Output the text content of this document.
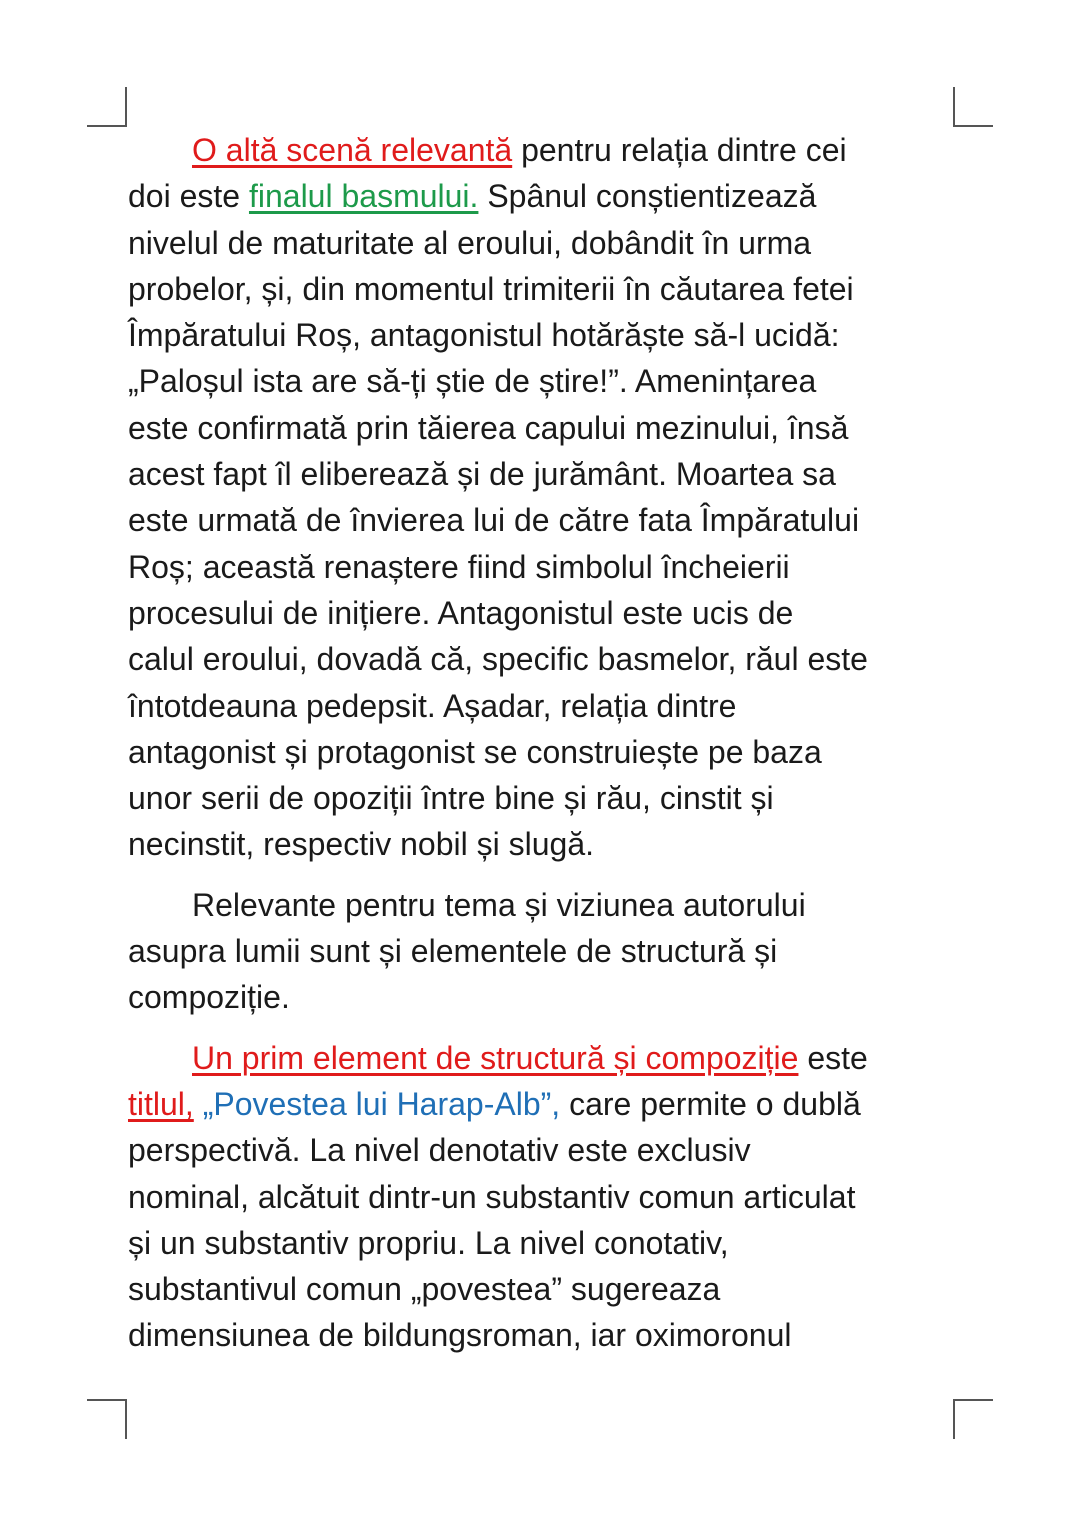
O altă scenă relevantă pentru relația dintre cei
doi este finalul basmului. Spânul conștientizează
nivelul de maturitate al eroului, dobândit în urma
probelor, și, din momentul trimiterii în căutarea fetei
Împăratului Roș, antagonistul hotărăște să-l ucidă:
„Paloșul ista are să-ți știe de știre!”. Amenințarea
este confirmată prin tăierea capului mezinului, însă
acest fapt îl eliberează și de jurământ. Moartea sa
este urmată de învierea lui de către fata Împăratului
Roș; această renaștere fiind simbolul încheierii
procesului de inițiere. Antagonistul este ucis de
calul eroului, dovadă că, specific basmelor, răul este
întotdeauna pedepsit. Așadar, relația dintre
antagonist și protagonist se construiește pe baza
unor serii de opoziții între bine și rău, cinstit și
necinstit, respectiv nobil și slugă.

Relevante pentru tema și viziunea autorului
asupra lumii sunt și elementele de structură și
compoziție.

Un prim element de structură și compoziție este
titlul, „Povestea lui Harap-Alb”, care permite o dublă
perspectivă. La nivel denotativ este exclusiv
nominal, alcătuit dintr-un substantiv comun articulat
și un substantiv propriu. La nivel conotativ,
substantivul comun „povestea” sugereaza
dimensiunea de bildungsroman, iar oximoronul
